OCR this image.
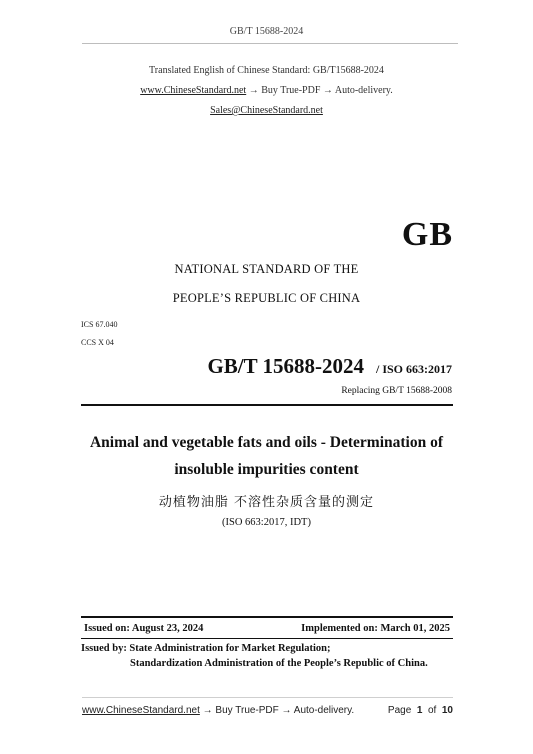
GB/T 15688-2024
Translated English of Chinese Standard: GB/T15688-2024
www.ChineseStandard.net → Buy True-PDF → Auto-delivery.
Sales@ChineseStandard.net
GB
NATIONAL STANDARD OF THE
PEOPLE’S REPUBLIC OF CHINA
ICS 67.040
CCS X 04
GB/T 15688-2024 / ISO 663:2017
Replacing GB/T 15688-2008
Animal and vegetable fats and oils - Determination of
insoluble impurities content
动植物油脂 不溶性杂质含量的测定
(ISO 663:2017, IDT)
Issued on: August 23, 2024	Implemented on: March 01, 2025
Issued by: State Administration for Market Regulation;
Standardization Administration of the People’s Republic of China.
www.ChineseStandard.net → Buy True-PDF → Auto-delivery.	Page 1 of 10
